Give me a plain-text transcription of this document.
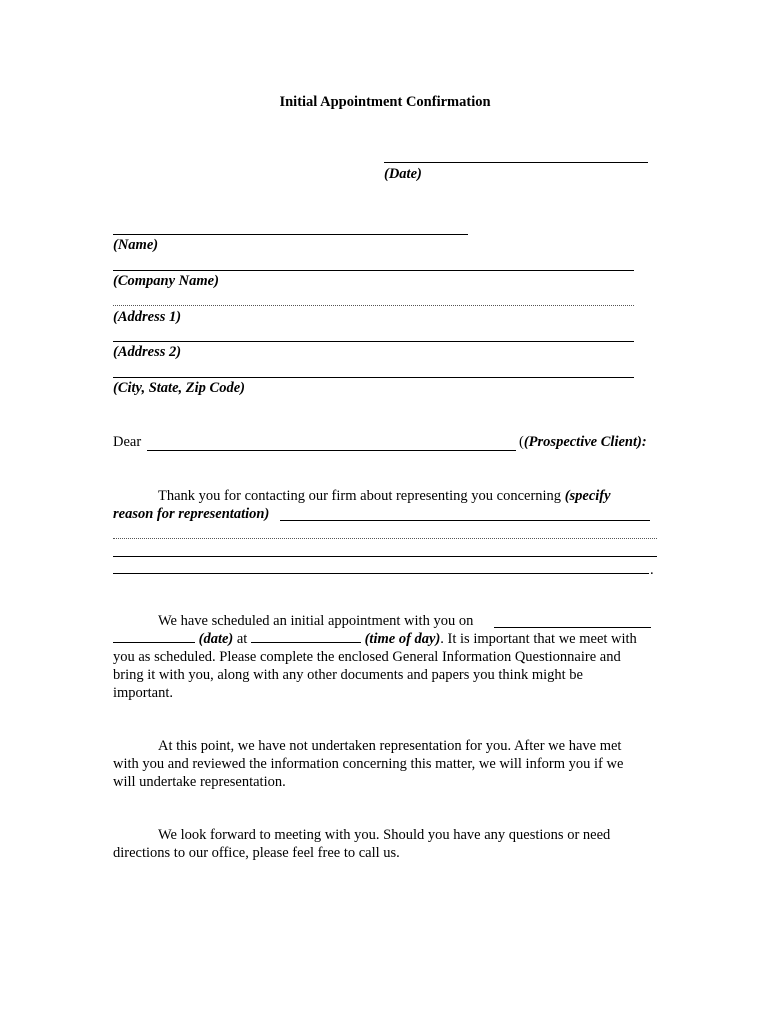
Initial Appointment Confirmation
(Date)
(Name)
(Company Name)
(Address 1)
(Address 2)
(City, State, Zip Code)
Dear	((Prospective Client):
Thank you for contacting our firm about representing you concerning (specify
reason for representation)
.
We have scheduled an initial appointment with you on
(date) at	(time of day). It is important that we meet with
you as scheduled. Please complete the enclosed General Information Questionnaire and
bring it with you, along with any other documents and papers you think might be
important.
At this point, we have not undertaken representation for you. After we have met
with you and reviewed the information concerning this matter, we will inform you if we
will undertake representation.
We look forward to meeting with you. Should you have any questions or need
directions to our office, please feel free to call us.
